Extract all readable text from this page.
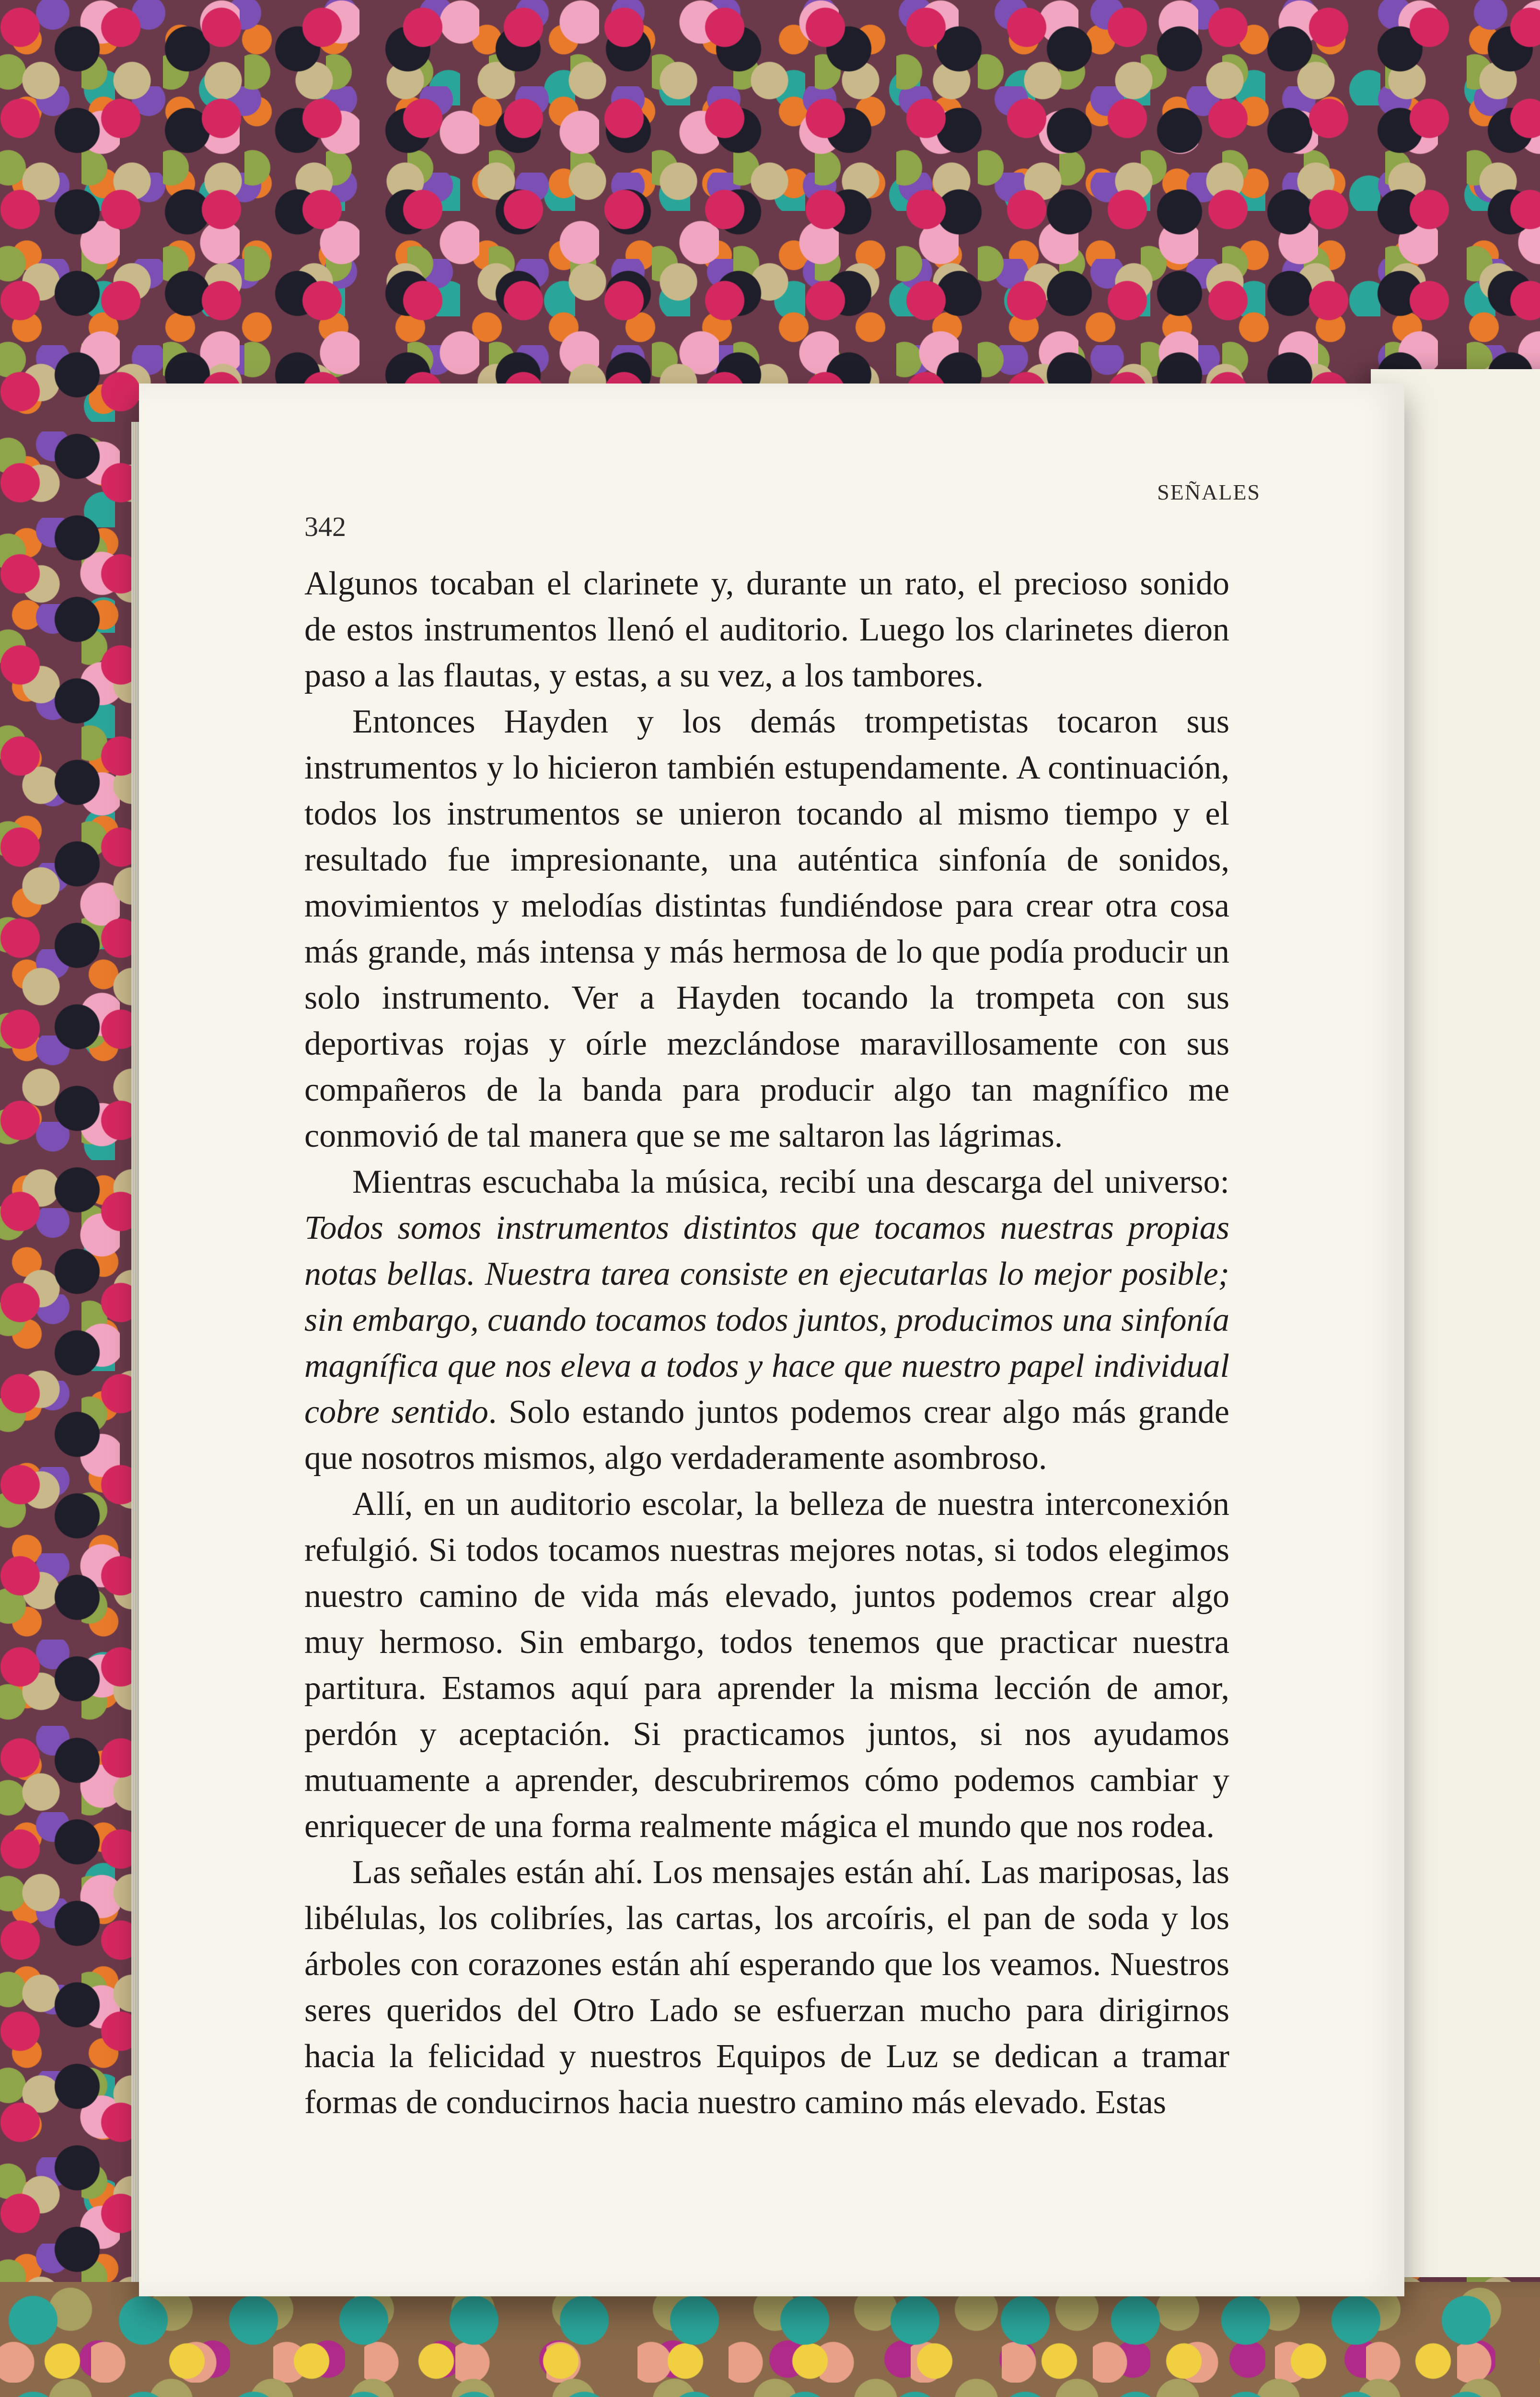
SEÑALES
342

Algunos tocaban el clarinete y, durante un rato, el precioso sonido de estos instrumentos llenó el auditorio. Luego los clarinetes dieron paso a las flautas, y estas, a su vez, a los tambores.

Entonces Hayden y los demás trompetistas tocaron sus instrumentos y lo hicieron también estupendamente. A continuación, todos los instrumentos se unieron tocando al mismo tiempo y el resultado fue impresionante, una auténtica sinfonía de sonidos, movimientos y melodías distintas fundiéndose para crear otra cosa más grande, más intensa y más hermosa de lo que podía producir un solo instrumento. Ver a Hayden tocando la trompeta con sus deportivas rojas y oírle mezclándose maravillosamente con sus compañeros de la banda para producir algo tan magnífico me conmovió de tal manera que se me saltaron las lágrimas.

Mientras escuchaba la música, recibí una descarga del universo: Todos somos instrumentos distintos que tocamos nuestras propias notas bellas. Nuestra tarea consiste en ejecutarlas lo mejor posible; sin embargo, cuando tocamos todos juntos, producimos una sinfonía magnífica que nos eleva a todos y hace que nuestro papel individual cobre sentido. Solo estando juntos podemos crear algo más grande que nosotros mismos, algo verdaderamente asombroso.

Allí, en un auditorio escolar, la belleza de nuestra interconexión refulgió. Si todos tocamos nuestras mejores notas, si todos elegimos nuestro camino de vida más elevado, juntos podemos crear algo muy hermoso. Sin embargo, todos tenemos que practicar nuestra partitura. Estamos aquí para aprender la misma lección de amor, perdón y aceptación. Si practicamos juntos, si nos ayudamos mutuamente a aprender, descubriremos cómo podemos cambiar y enriquecer de una forma realmente mágica el mundo que nos rodea.

Las señales están ahí. Los mensajes están ahí. Las mariposas, las libélulas, los colibríes, las cartas, los arcoíris, el pan de soda y los árboles con corazones están ahí esperando que los veamos. Nuestros seres queridos del Otro Lado se esfuerzan mucho para dirigirnos hacia la felicidad y nuestros Equipos de Luz se dedican a tramar formas de conducirnos hacia nuestro camino más elevado. Estas
